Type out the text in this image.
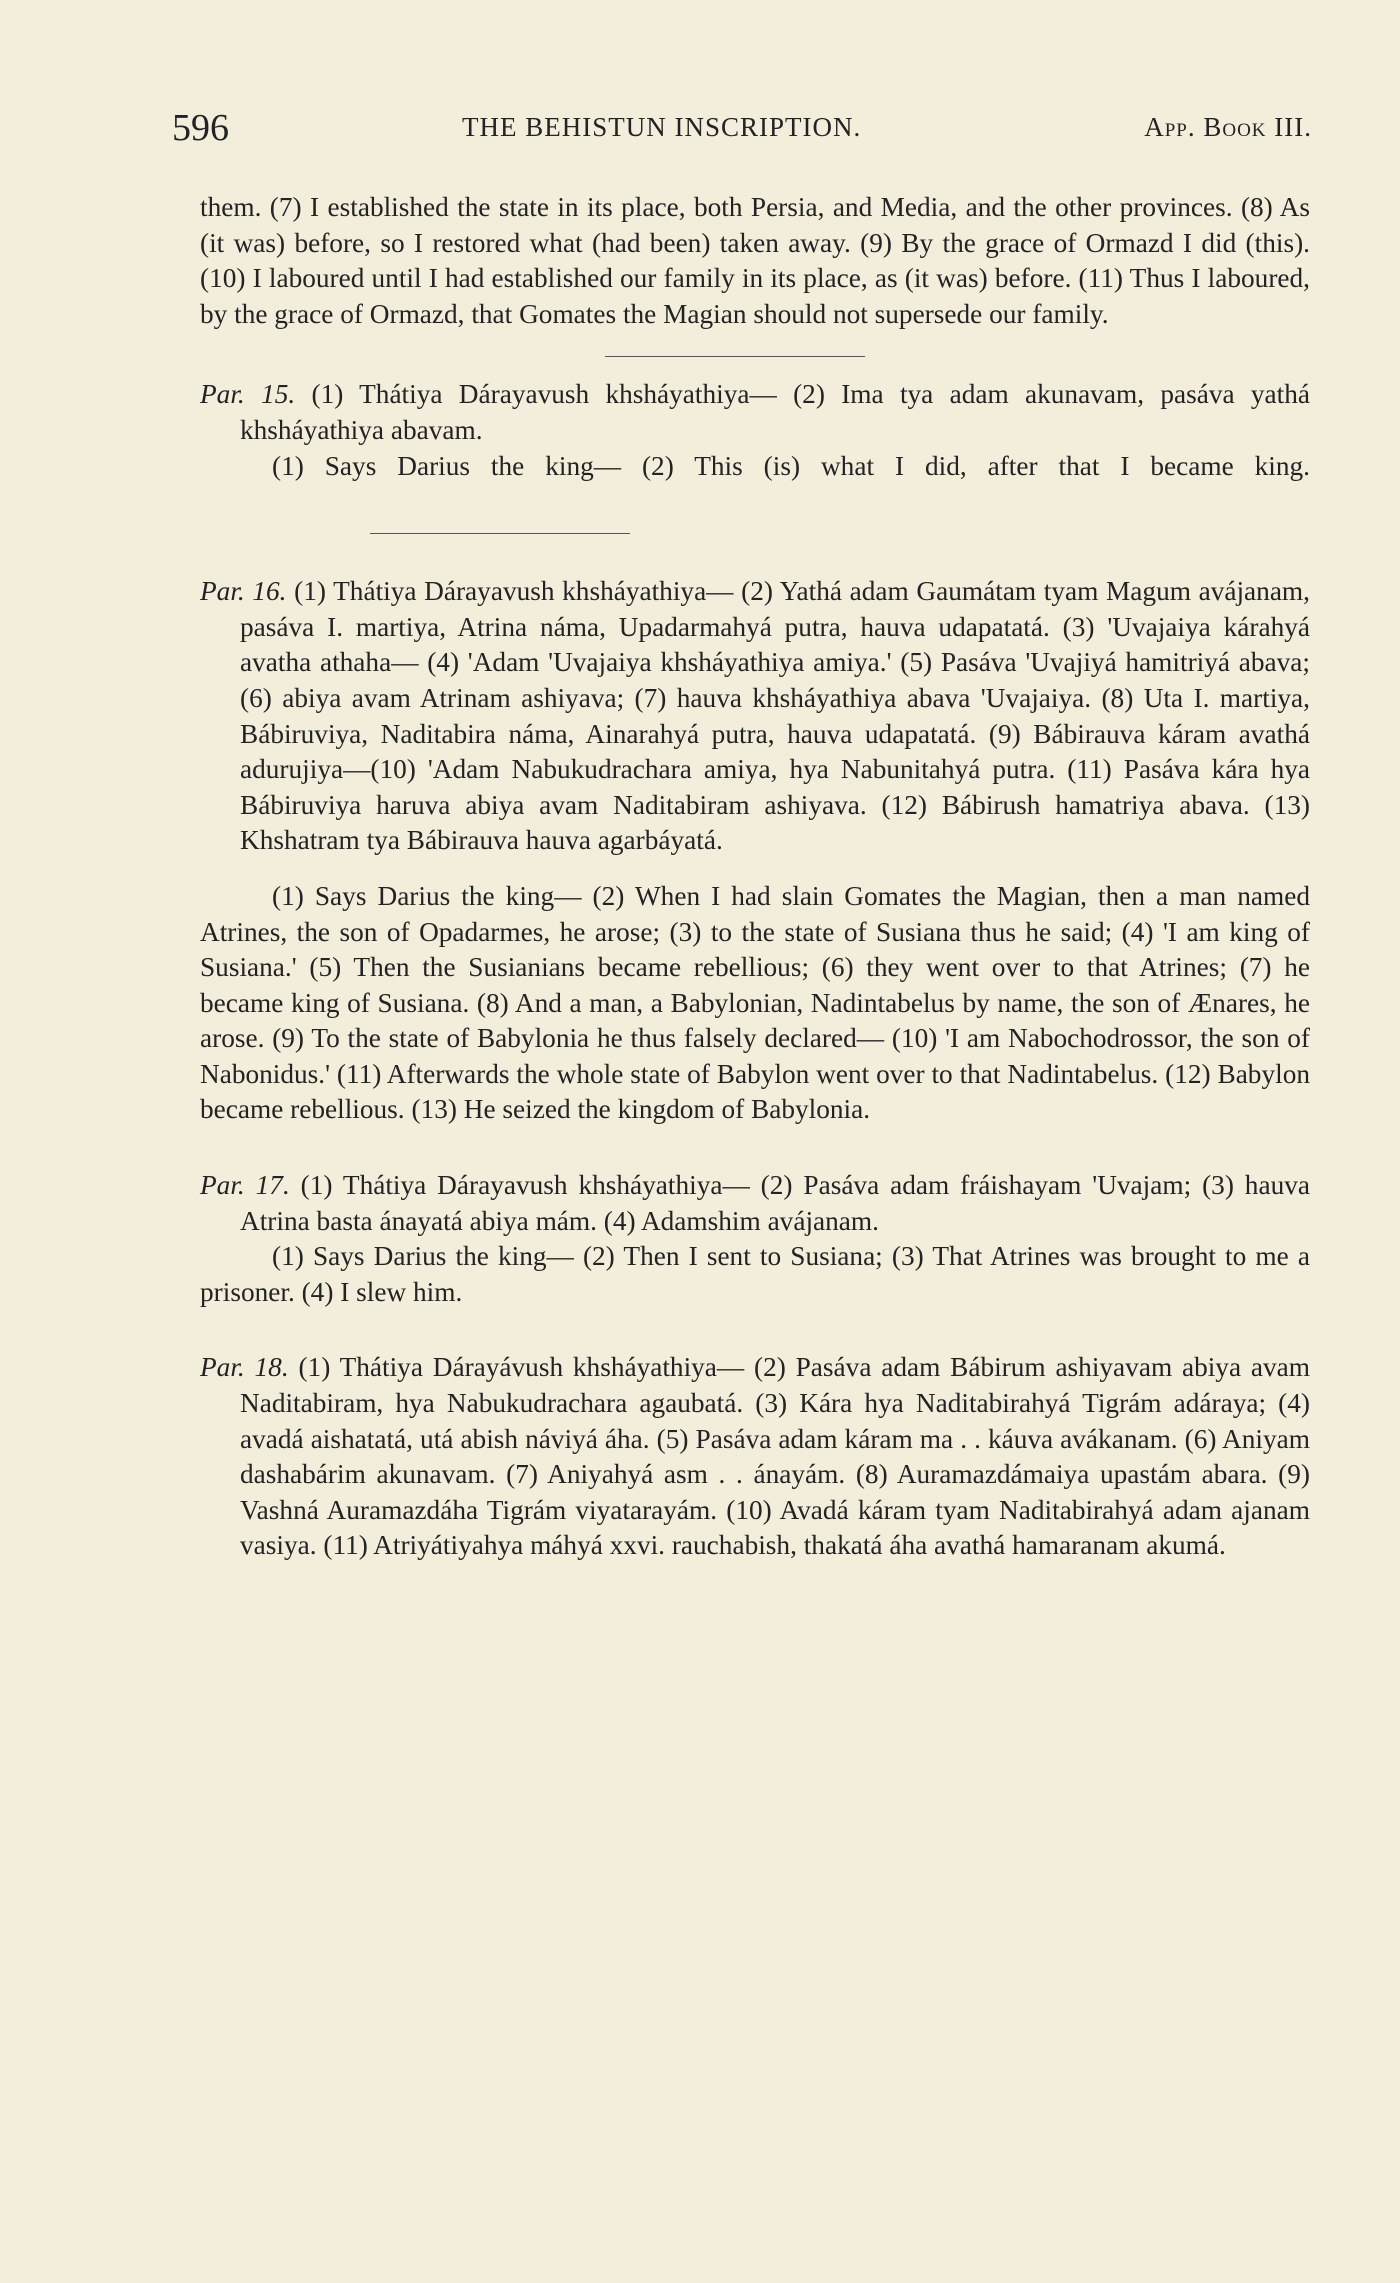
596	THE BEHISTUN INSCRIPTION.	App. Book III.

them. (7) I established the state in its place, both Persia, and Media, and the other provinces. (8) As (it was) before, so I restored what (had been) taken away. (9) By the grace of Ormazd I did (this). (10) I laboured until I had established our family in its place, as (it was) before. (11) Thus I laboured, by the grace of Ormazd, that Gomates the Magian should not supersede our family.

Par. 15. (1) Thátiya Dárayavush khsháyathiya— (2) Ima tya adam akunavam, pasáva yathá khsháyathiya abavam.

(1) Says Darius the king— (2) This (is) what I did, after that I became king.

Par. 16. (1) Thátiya Dárayavush khsháyathiya— (2) Yathá adam Gaumátam tyam Magum avájanam, pasáva I. martiya, Atrina náma, Upadarmahyá putra, hauva udapatatá. (3) 'Uvajaiya kárahyá avatha athaha— (4) 'Adam 'Uvajaiya khsháyathiya amiya.' (5) Pasáva 'Uvajiyá hamitriyá abava; (6) abiya avam Atrinam ashiyava; (7) hauva khsháyathiya abava 'Uvajaiya. (8) Uta I. martiya, Bábiruviya, Naditabira náma, Ainarahyá putra, hauva udapatatá. (9) Bábirauva káram avathá adurujiya—(10) 'Adam Nabukudrachara amiya, hya Nabunitahyá putra. (11) Pasáva kára hya Bábiruviya haruva abiya avam Naditabiram ashiyava. (12) Bábirush hamatriya abava. (13) Khshatram tya Bábirauva hauva agarbáyatá.

(1) Says Darius the king— (2) When I had slain Gomates the Magian, then a man named Atrines, the son of Opadarmes, he arose; (3) to the state of Susiana thus he said; (4) 'I am king of Susiana.' (5) Then the Susianians became rebellious; (6) they went over to that Atrines; (7) he became king of Susiana. (8) And a man, a Babylonian, Nadintabelus by name, the son of Ænares, he arose. (9) To the state of Babylonia he thus falsely declared— (10) 'I am Nabochodrossor, the son of Nabonidus.' (11) Afterwards the whole state of Babylon went over to that Nadintabelus. (12) Babylon became rebellious. (13) He seized the kingdom of Babylonia.

Par. 17. (1) Thátiya Dárayavush khsháyathiya— (2) Pasáva adam fráishayam 'Uvajam; (3) hauva Atrina basta ánayatá abiya mám. (4) Adamshim avájanam.

(1) Says Darius the king— (2) Then I sent to Susiana; (3) That Atrines was brought to me a prisoner. (4) I slew him.

Par. 18. (1) Thátiya Dárayávush khsháyathiya— (2) Pasáva adam Bábirum ashiyavam abiya avam Naditabiram, hya Nabukudrachara agaubatá. (3) Kára hya Naditabirahyá Tigrám adáraya; (4) avadá aishatatá, utá abish náviyá áha. (5) Pasáva adam káram ma . . káuva avákanam. (6) Aniyam dashabárim akunavam. (7) Aniyahyá asm . . ánayám. (8) Auramazdámaiya upastám abara. (9) Vashná Auramazdáha Tigrám viyatarayám. (10) Avadá káram tyam Naditabirahyá adam ajanam vasiya. (11) Atriyátiyahya máhyá xxvi. rauchabish, thakatá áha avathá hamaranam akumá.
